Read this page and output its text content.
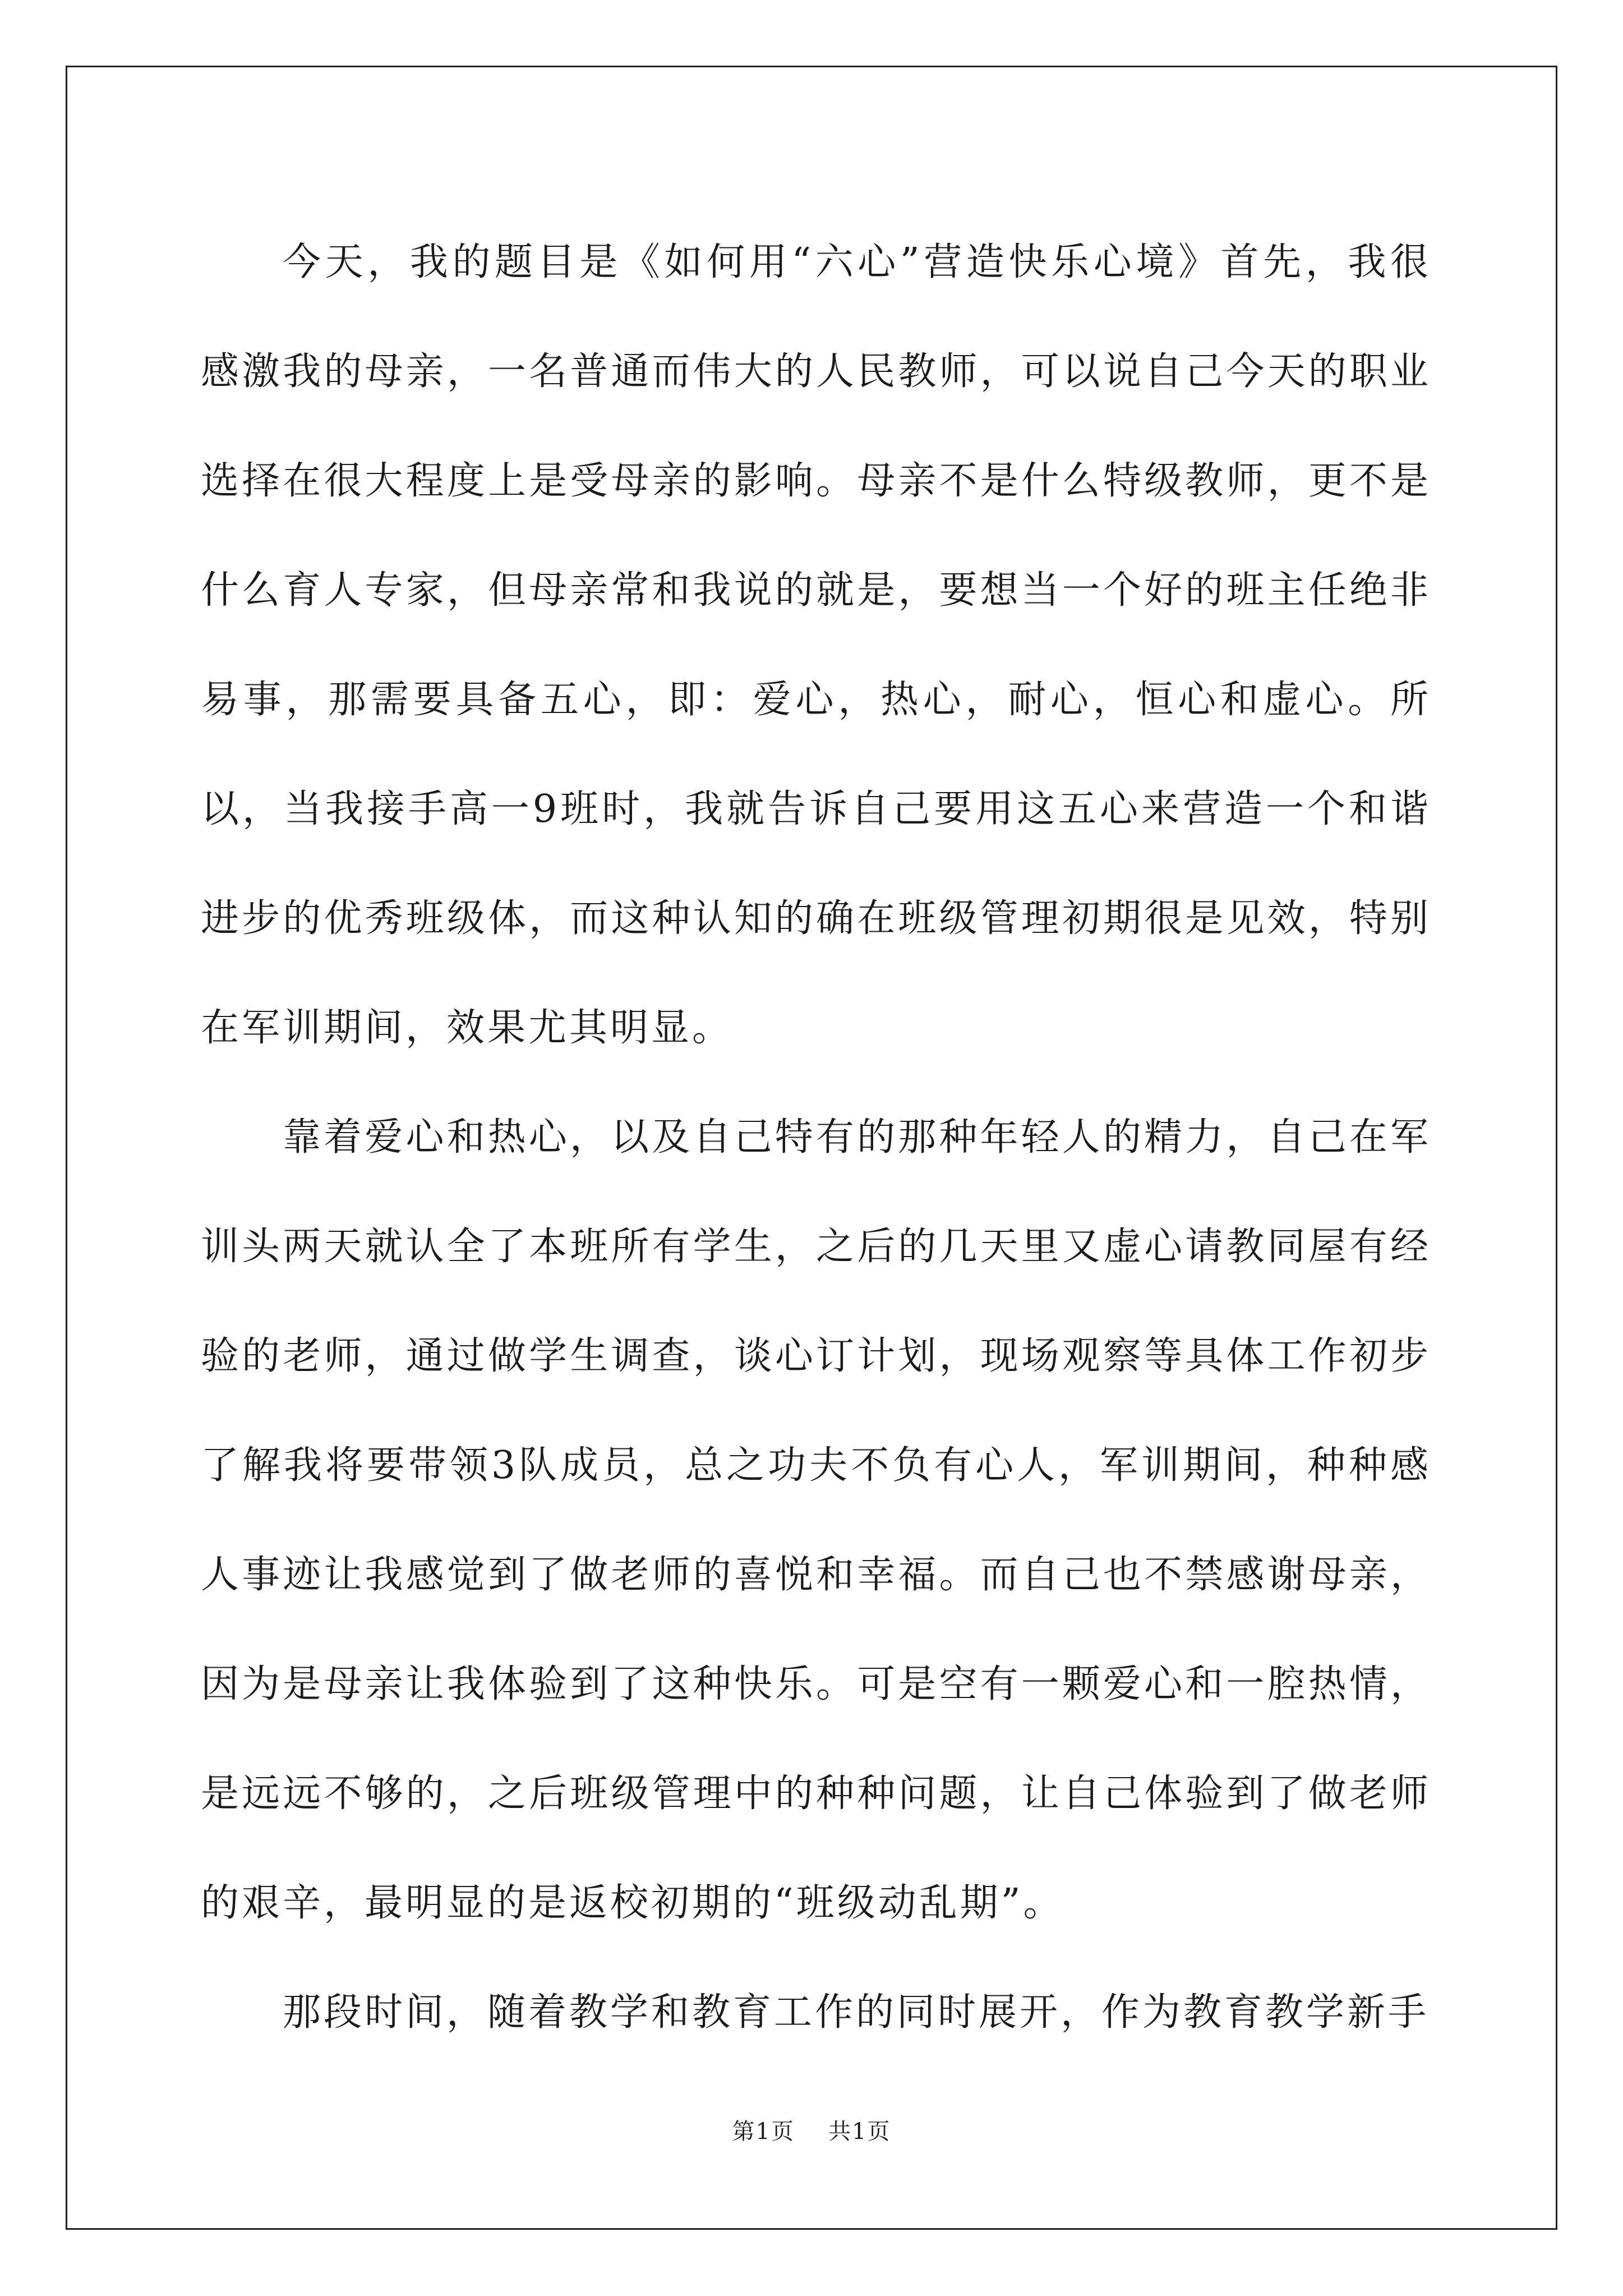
今天，我的题目是《如何用“六心”营造快乐心境》首先，我很感激我的母亲，一名普通而伟大的人民教师，可以说自己今天的职业选择在很大程度上是受母亲的影响。母亲不是什么特级教师，更不是什么育人专家，但母亲常和我说的就是，要想当一个好的班主任绝非易事，那需要具备五心，即：爱心，热心，耐心，恒心和虚心。所以，当我接手高一9班时，我就告诉自己要用这五心来营造一个和谐进步的优秀班级体，而这种认知的确在班级管理初期很是见效，特别在军训期间，效果尤其明显。

靠着爱心和热心，以及自己特有的那种年轻人的精力，自己在军训头两天就认全了本班所有学生，之后的几天里又虚心请教同屋有经验的老师，通过做学生调查，谈心订计划，现场观察等具体工作初步了解我将要带领3队成员，总之功夫不负有心人，军训期间，种种感人事迹让我感觉到了做老师的喜悦和幸福。而自己也不禁感谢母亲，因为是母亲让我体验到了这种快乐。可是空有一颗爱心和一腔热情，是远远不够的，之后班级管理中的种种问题，让自己体验到了做老师的艰辛，最明显的是返校初期的“班级动乱期”。

那段时间，随着教学和教育工作的同时展开，作为教育教学新手

第1页 共1页
